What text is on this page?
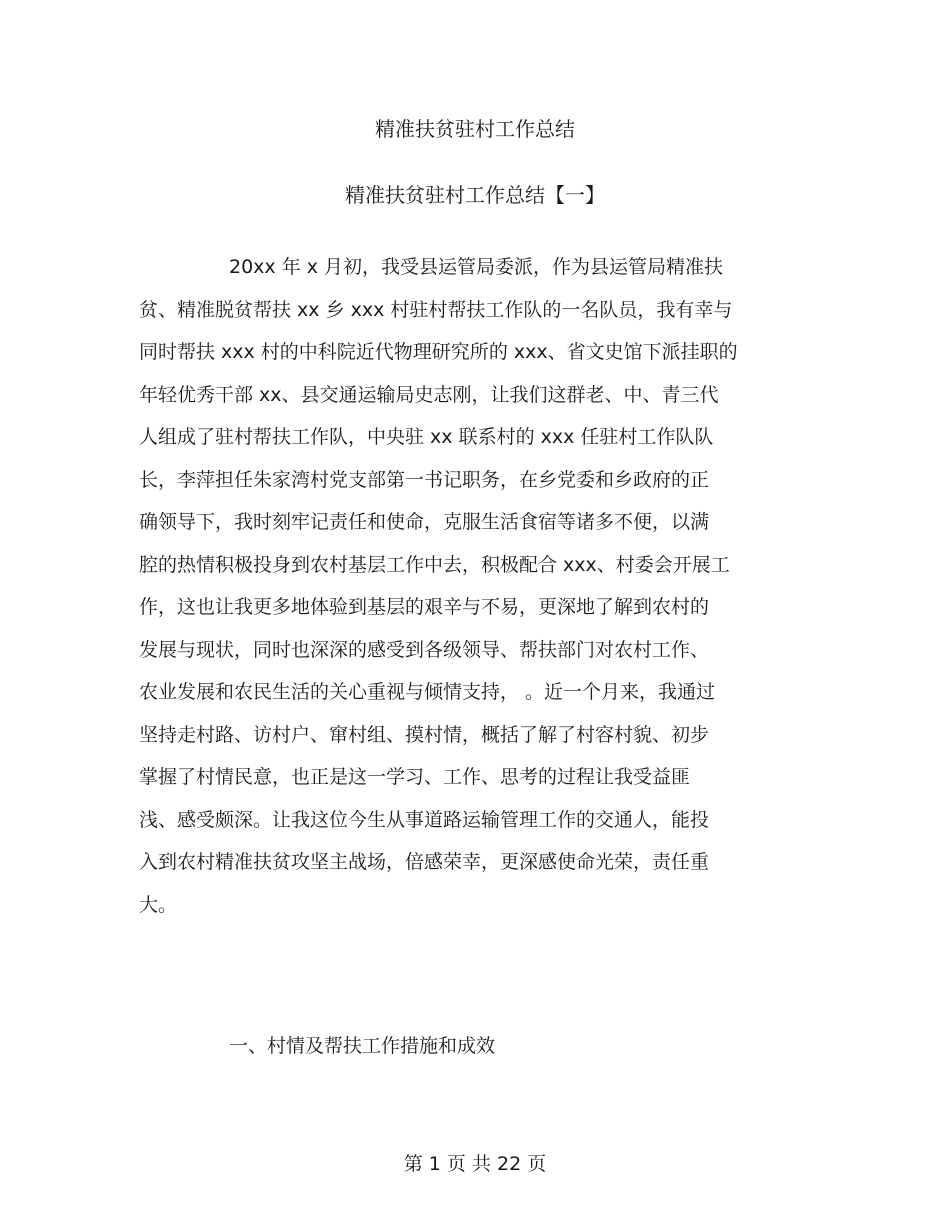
精准扶贫驻村工作总结
精准扶贫驻村工作总结【一】
20xx 年 x 月初，我受县运管局委派，作为县运管局精准扶
贫、精准脱贫帮扶 xx 乡 xxx 村驻村帮扶工作队的一名队员，我有幸与
同时帮扶 xxx 村的中科院近代物理研究所的 xxx、省文史馆下派挂职的
年轻优秀干部 xx、县交通运输局史志刚，让我们这群老、中、青三代
人组成了驻村帮扶工作队，中央驻 xx 联系村的 xxx 任驻村工作队队
长，李萍担任朱家湾村党支部第一书记职务，在乡党委和乡政府的正
确领导下，我时刻牢记责任和使命，克服生活食宿等诸多不便，以满
腔的热情积极投身到农村基层工作中去，积极配合 xxx、村委会开展工
作，这也让我更多地体验到基层的艰辛与不易，更深地了解到农村的
发展与现状，同时也深深的感受到各级领导、帮扶部门对农村工作、
农业发展和农民生活的关心重视与倾情支持， 。近一个月来，我通过
坚持走村路、访村户、窜村组、摸村情，概括了解了村容村貌、初步
掌握了村情民意，也正是这一学习、工作、思考的过程让我受益匪
浅、感受颇深。让我这位今生从事道路运输管理工作的交通人，能投
入到农村精准扶贫攻坚主战场，倍感荣幸，更深感使命光荣，责任重
大。
一、村情及帮扶工作措施和成效
第 1 页 共 22 页
